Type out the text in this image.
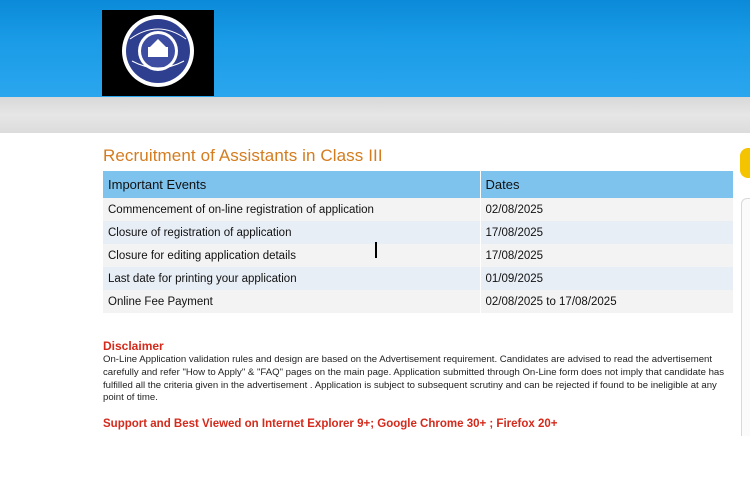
Recruitment of Assistants in Class III
Important Events	Dates
Commencement of on-line registration of application	02/08/2025
Closure of registration of application	17/08/2025
Closure for editing application details	17/08/2025
Last date for printing your application	01/09/2025
Online Fee Payment	02/08/2025 to 17/08/2025
Disclaimer
On-Line Application validation rules and design are based on the Advertisement requirement. Candidates are advised to read the advertisement carefully and refer "How to Apply" & "FAQ" pages on the main page. Application submitted through On-Line form does not imply that candidate has fulfilled all the criteria given in the advertisement . Application is subject to subsequent scrutiny and can be rejected if found to be ineligible at any point of time.
Support and Best Viewed on Internet Explorer 9+; Google Chrome 30+ ; Firefox 20+
